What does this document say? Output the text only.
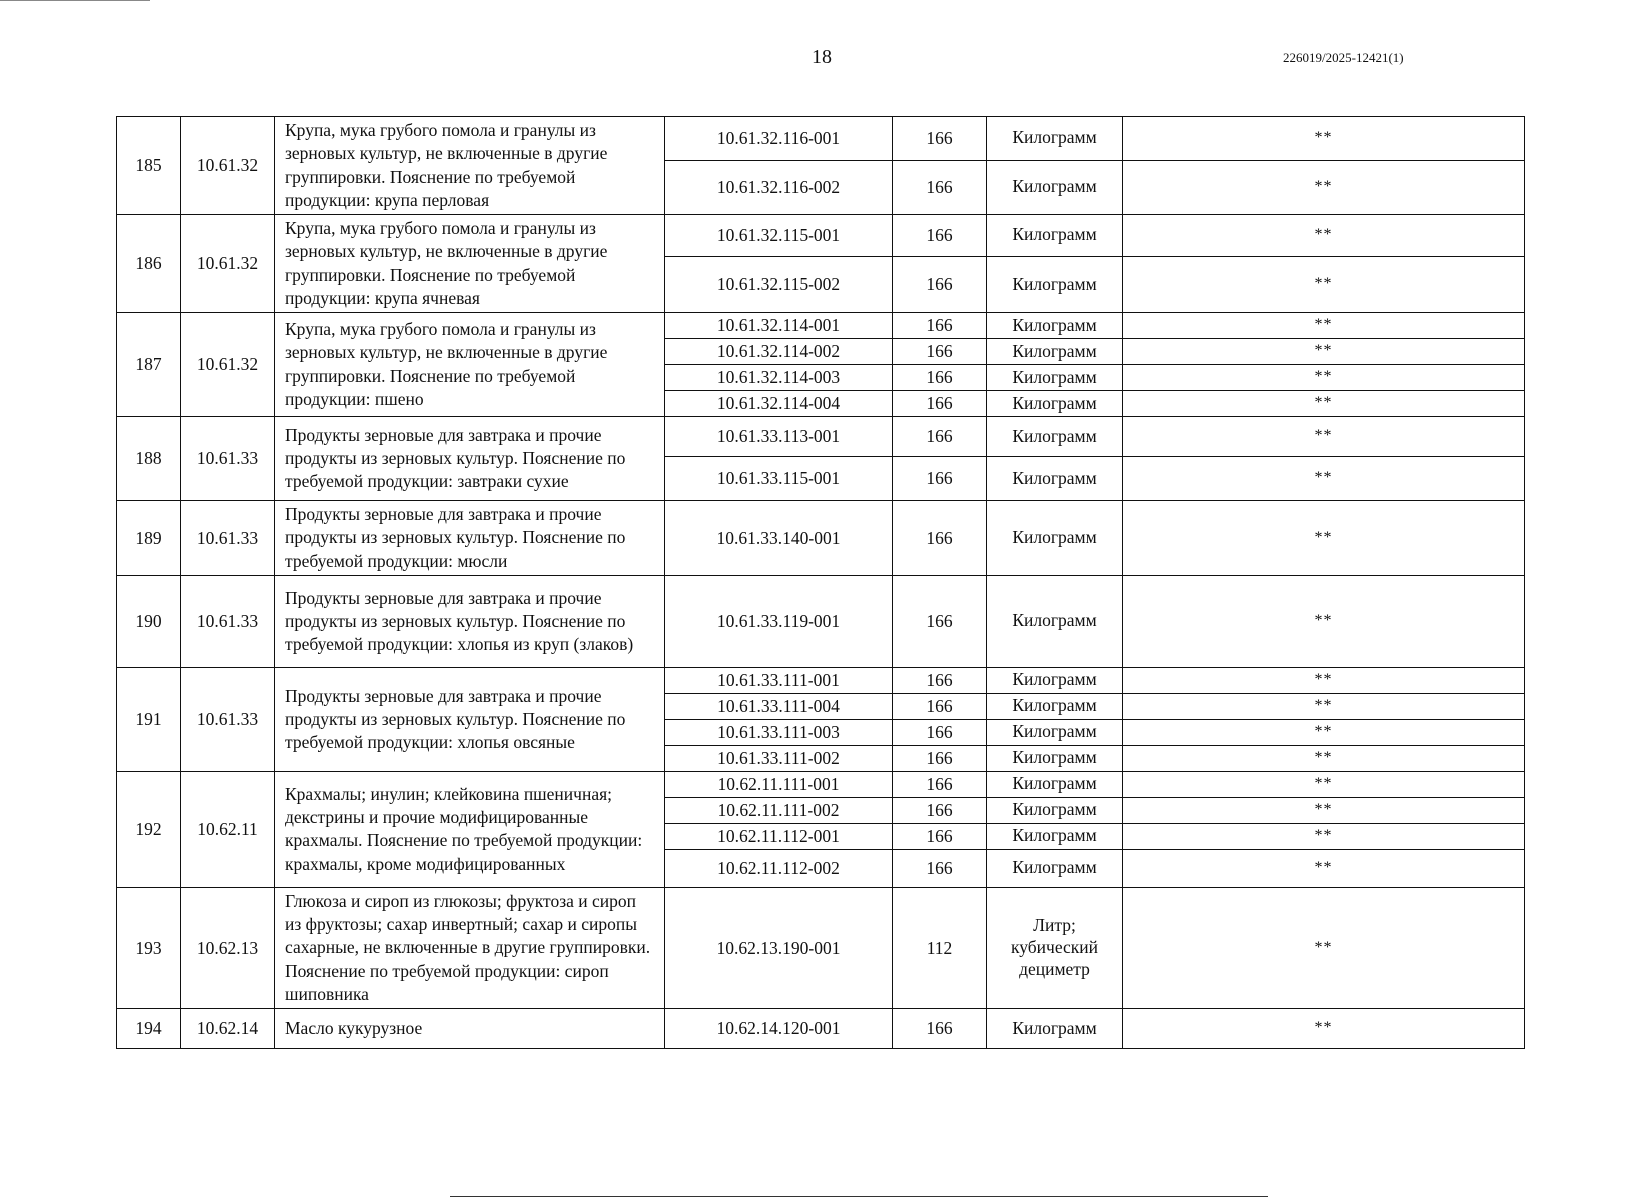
18	226019/2025-12421(1)
185	10.61.32	Крупа, мука грубого помола и гранулы из зерновых культур, не включенные в другие группировки. Пояснение по требуемой продукции: крупа перловая	10.61.32.116-001	166	Килограмм	**
			10.61.32.116-002	166	Килограмм	**
186	10.61.32	Крупа, мука грубого помола и гранулы из зерновых культур, не включенные в другие группировки. Пояснение по требуемой продукции: крупа ячневая	10.61.32.115-001	166	Килограмм	**
			10.61.32.115-002	166	Килограмм	**
187	10.61.32	Крупа, мука грубого помола и гранулы из зерновых культур, не включенные в другие группировки. Пояснение по требуемой продукции: пшено	10.61.32.114-001	166	Килограмм	**
			10.61.32.114-002	166	Килограмм	**
			10.61.32.114-003	166	Килограмм	**
			10.61.32.114-004	166	Килограмм	**
188	10.61.33	Продукты зерновые для завтрака и прочие продукты из зерновых культур. Пояснение по требуемой продукции: завтраки сухие	10.61.33.113-001	166	Килограмм	**
			10.61.33.115-001	166	Килограмм	**
189	10.61.33	Продукты зерновые для завтрака и прочие продукты из зерновых культур. Пояснение по требуемой продукции: мюсли	10.61.33.140-001	166	Килограмм	**
190	10.61.33	Продукты зерновые для завтрака и прочие продукты из зерновых культур. Пояснение по требуемой продукции: хлопья из круп (злаков)	10.61.33.119-001	166	Килограмм	**
191	10.61.33	Продукты зерновые для завтрака и прочие продукты из зерновых культур. Пояснение по требуемой продукции: хлопья овсяные	10.61.33.111-001	166	Килограмм	**
			10.61.33.111-004	166	Килограмм	**
			10.61.33.111-003	166	Килограмм	**
			10.61.33.111-002	166	Килограмм	**
192	10.62.11	Крахмалы; инулин; клейковина пшеничная; декстрины и прочие модифицированные крахмалы. Пояснение по требуемой продукции: крахмалы, кроме модифицированных	10.62.11.111-001	166	Килограмм	**
			10.62.11.111-002	166	Килограмм	**
			10.62.11.112-001	166	Килограмм	**
			10.62.11.112-002	166	Килограмм	**
193	10.62.13	Глюкоза и сироп из глюкозы; фруктоза и сироп из фруктозы; сахар инвертный; сахар и сиропы сахарные, не включенные в другие группировки. Пояснение по требуемой продукции: сироп шиповника	10.62.13.190-001	112	Литр; кубический дециметр	**
194	10.62.14	Масло кукурузное	10.62.14.120-001	166	Килограмм	**
